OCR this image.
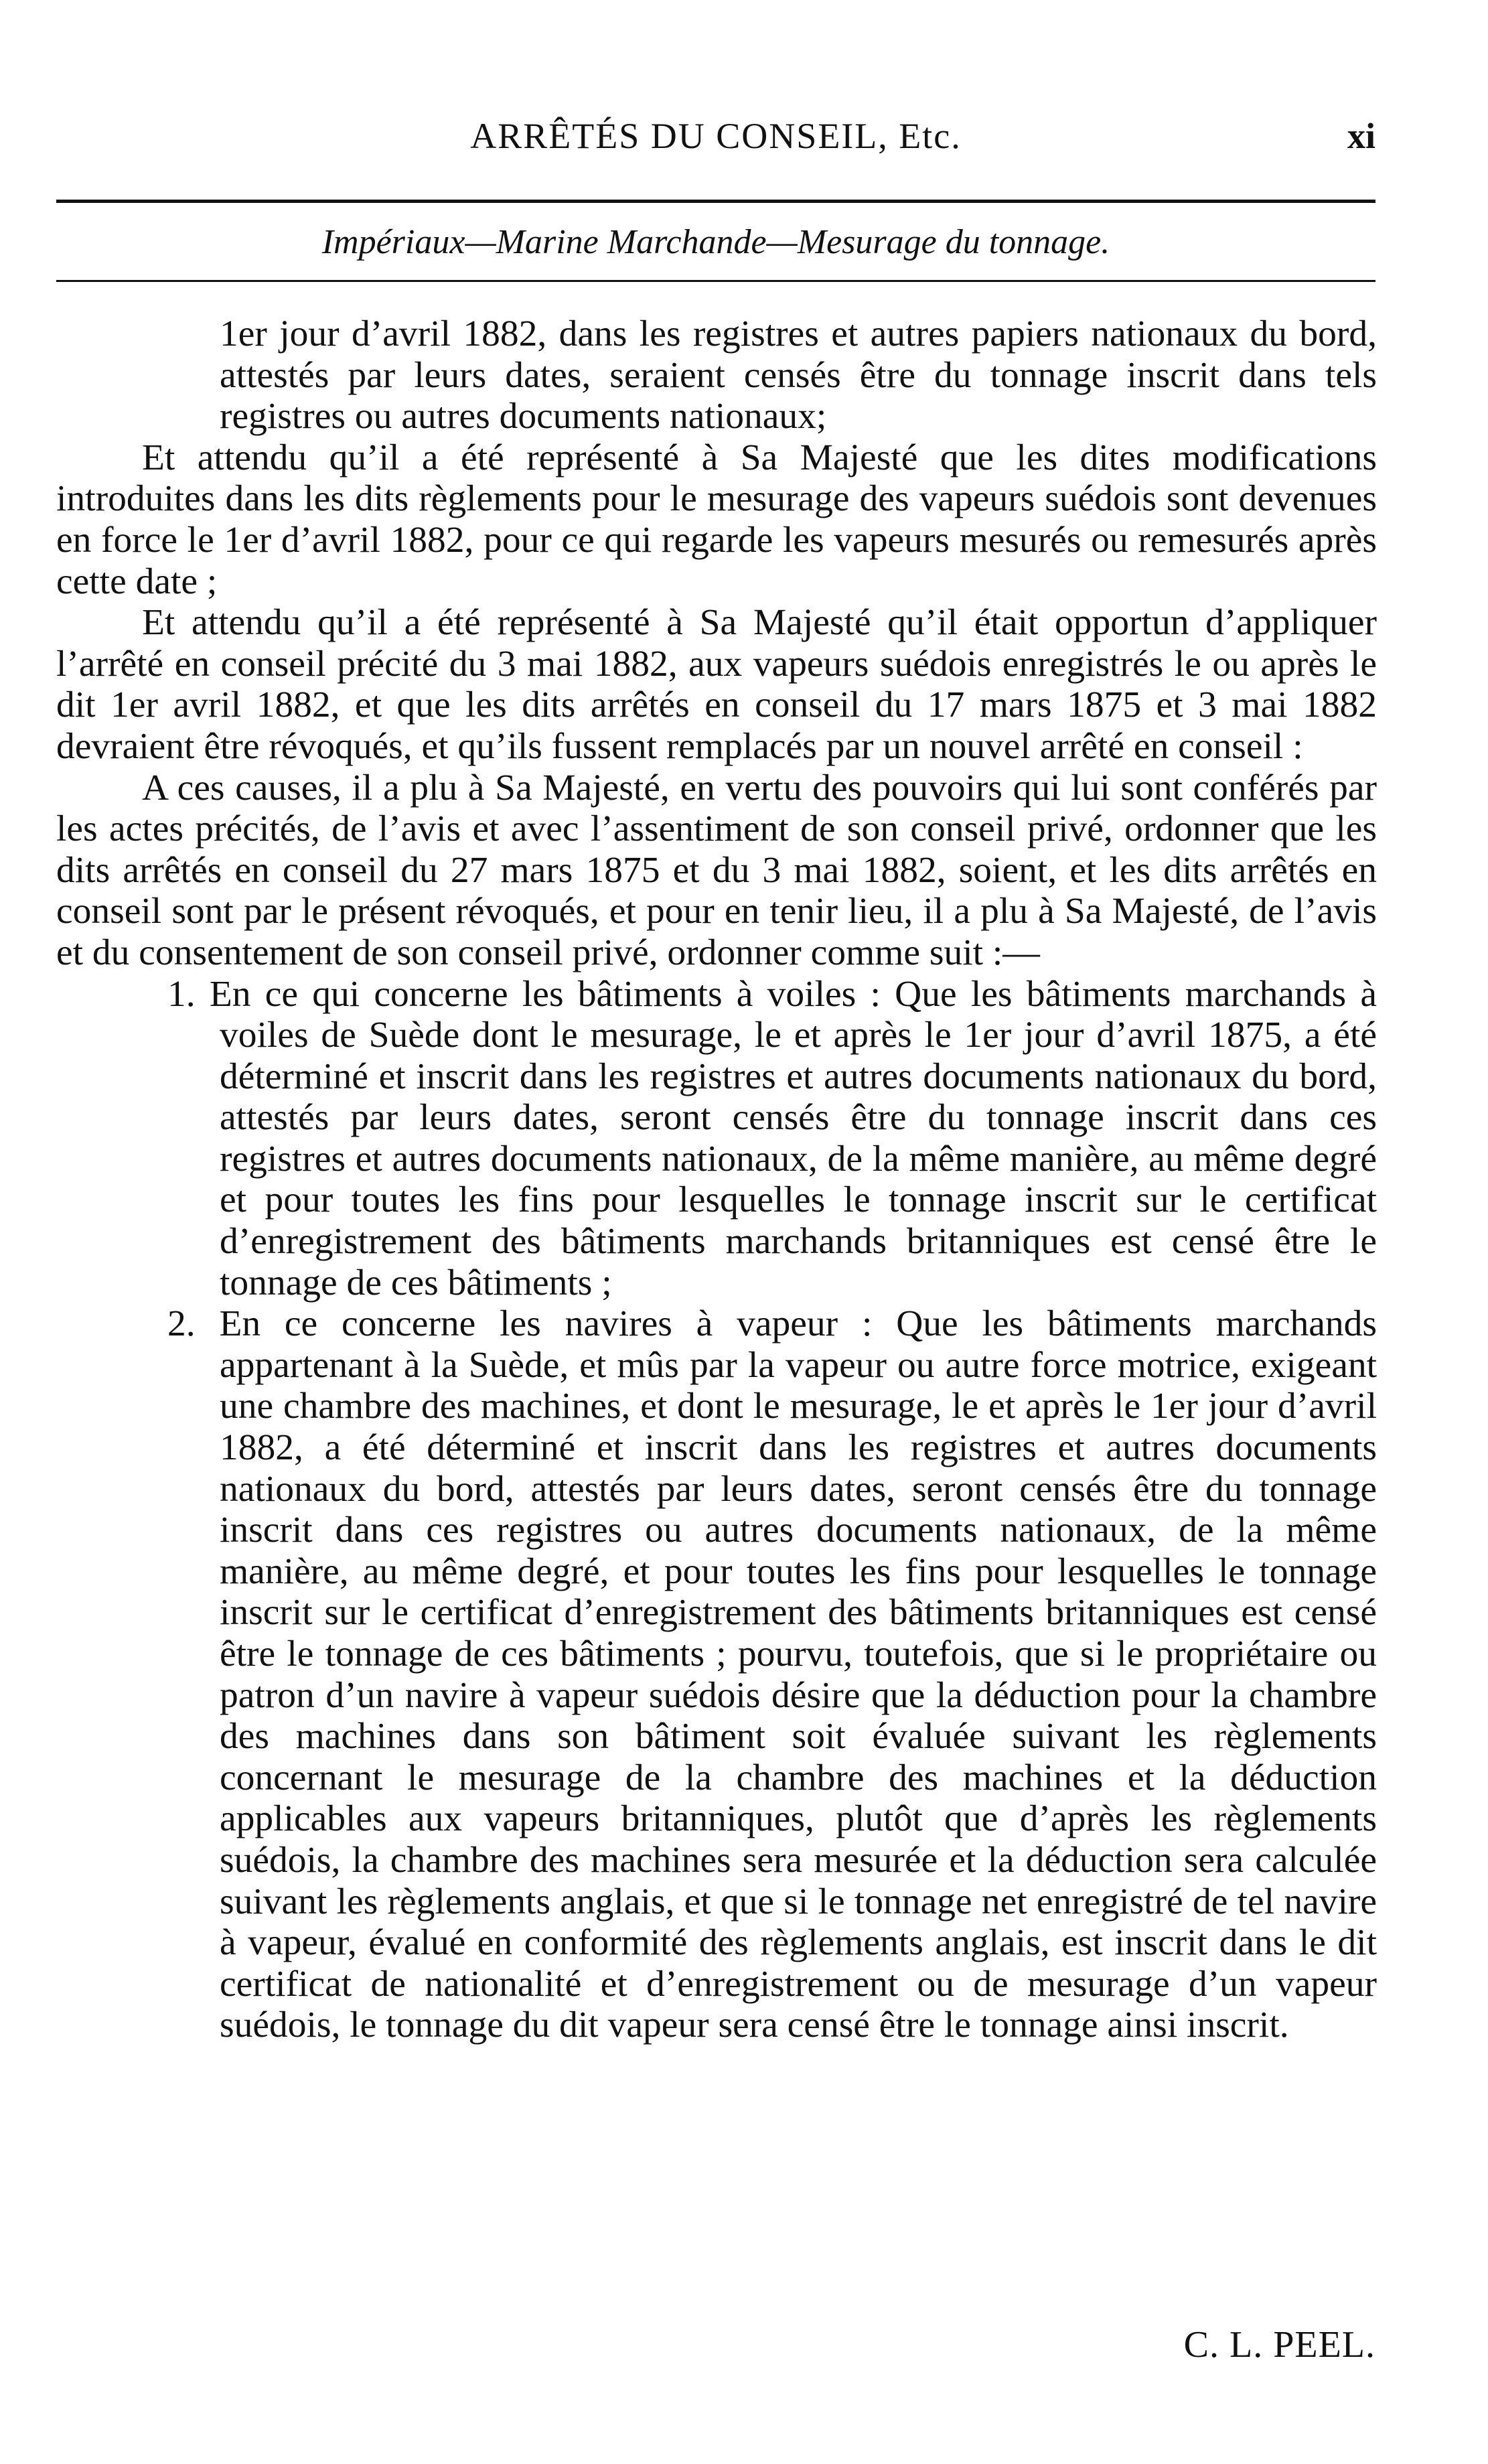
ARRÊTÉS DU CONSEIL, Etc.	xi
Impériaux—Marine Marchande—Mesurage du tonnage.

1er jour d’avril 1882, dans les registres et autres papiers nationaux du bord, attestés par leurs dates, seraient censés être du tonnage inscrit dans tels registres ou autres documents nationaux;

Et attendu qu’il a été représenté à Sa Majesté que les dites modifications introduites dans les dits règlements pour le mesurage des vapeurs suédois sont devenues en force le 1er d’avril 1882, pour ce qui regarde les vapeurs mesurés ou remesurés après cette date ;

Et attendu qu’il a été représenté à Sa Majesté qu’il était opportun d’appliquer l’arrêté en conseil précité du 3 mai 1882, aux vapeurs suédois enregistrés le ou après le dit 1er avril 1882, et que les dits arrêtés en conseil du 17 mars 1875 et 3 mai 1882 devraient être révoqués, et qu’ils fussent remplacés par un nouvel arrêté en conseil :

A ces causes, il a plu à Sa Majesté, en vertu des pouvoirs qui lui sont conférés par les actes précités, de l’avis et avec l’assentiment de son conseil privé, ordonner que les dits arrêtés en conseil du 27 mars 1875 et du 3 mai 1882, soient, et les dits arrêtés en conseil sont par le présent révoqués, et pour en tenir lieu, il a plu à Sa Majesté, de l’avis et du consentement de son conseil privé, ordonner comme suit :—

1. En ce qui concerne les bâtiments à voiles : Que les bâtiments marchands à voiles de Suède dont le mesurage, le et après le 1er jour d’avril 1875, a été déterminé et inscrit dans les registres et autres documents nationaux du bord, attestés par leurs dates, seront censés être du tonnage inscrit dans ces registres et autres documents nationaux, de la même manière, au même degré et pour toutes les fins pour lesquelles le tonnage inscrit sur le certificat d’enregistrement des bâtiments marchands britanniques est censé être le tonnage de ces bâtiments ;

2. En ce concerne les navires à vapeur : Que les bâtiments marchands appartenant à la Suède, et mûs par la vapeur ou autre force motrice, exigeant une chambre des machines, et dont le mesurage, le et après le 1er jour d’avril 1882, a été déterminé et inscrit dans les registres et autres documents nationaux du bord, attestés par leurs dates, seront censés être du tonnage inscrit dans ces registres ou autres documents nationaux, de la même manière, au même degré, et pour toutes les fins pour lesquelles le tonnage inscrit sur le certificat d’enregistrement des bâtiments britanniques est censé être le tonnage de ces bâtiments ; pourvu, toutefois, que si le propriétaire ou patron d’un navire à vapeur suédois désire que la déduction pour la chambre des machines dans son bâtiment soit évaluée suivant les règlements concernant le mesurage de la chambre des machines et la déduction applicables aux vapeurs britanniques, plutôt que d’après les règlements suédois, la chambre des machines sera mesurée et la déduction sera calculée suivant les règlements anglais, et que si le tonnage net enregistré de tel navire à vapeur, évalué en conformité des règlements anglais, est inscrit dans le dit certificat de nationalité et d’enregistrement ou de mesurage d’un vapeur suédois, le tonnage du dit vapeur sera censé être le tonnage ainsi inscrit.

C. L. PEEL.
